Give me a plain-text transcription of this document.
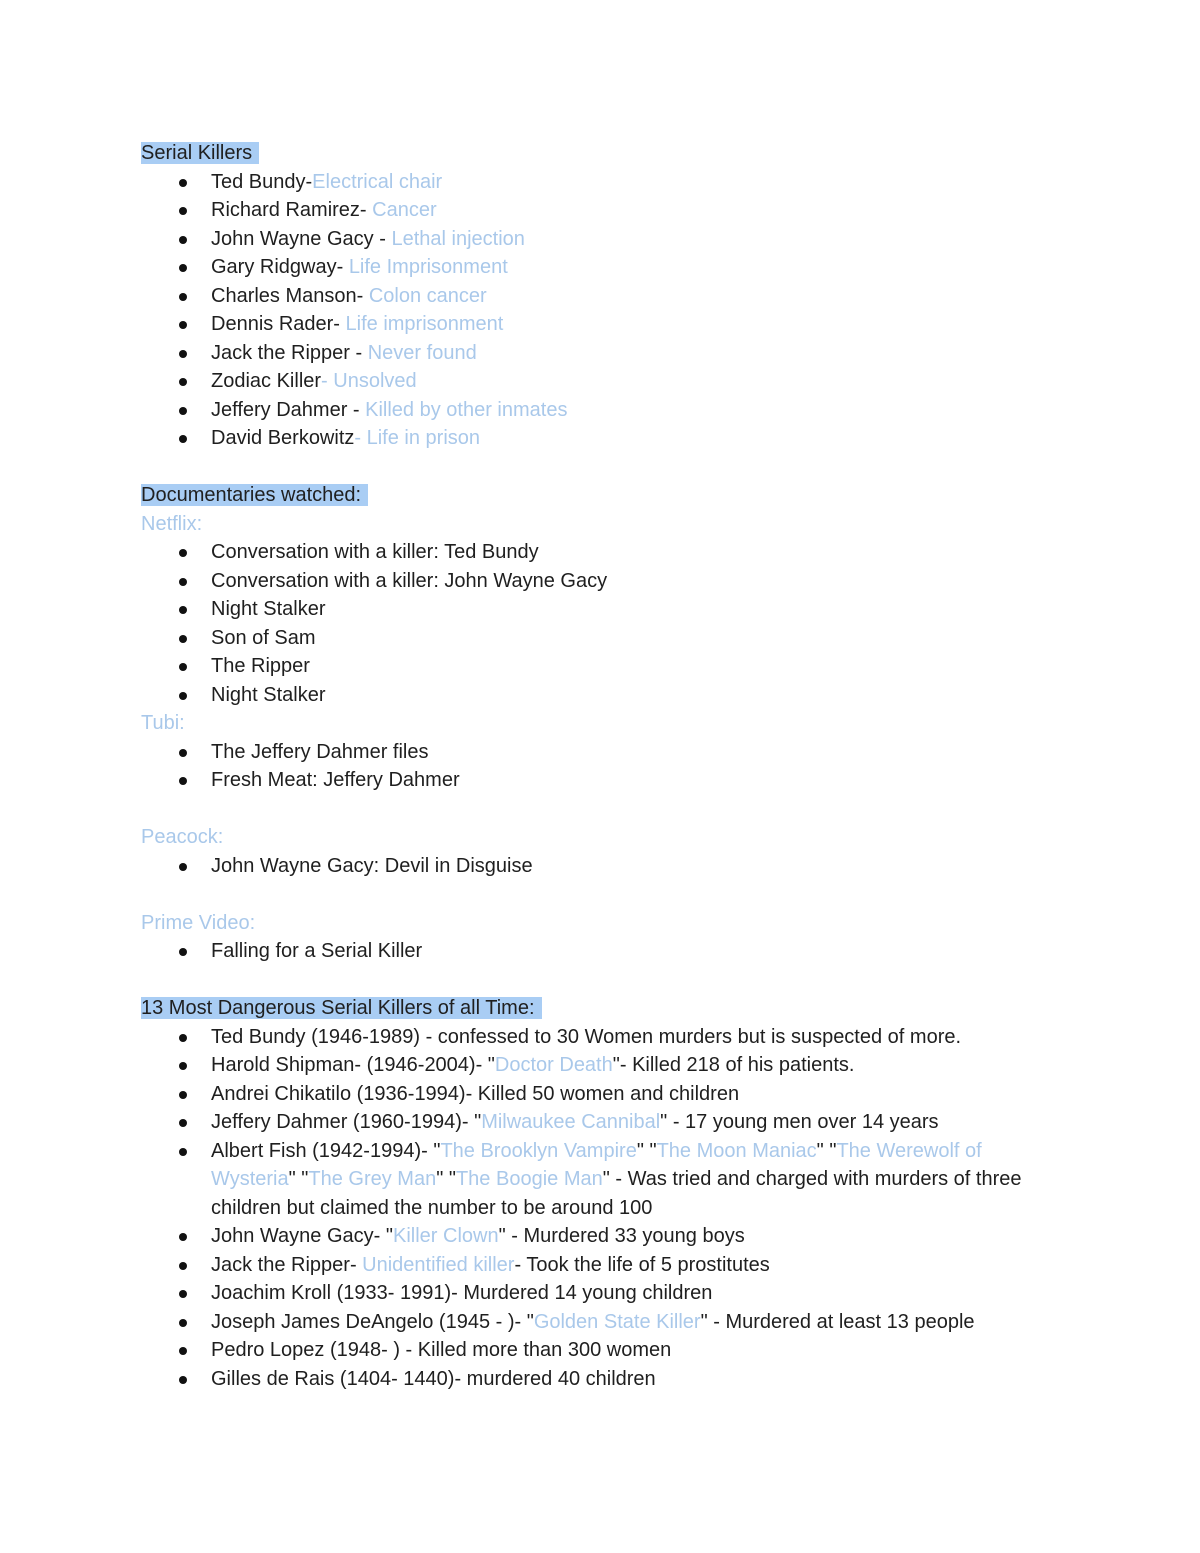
Serial Killers
Ted Bundy-Electrical chair
Richard Ramirez- Cancer
John Wayne Gacy - Lethal injection
Gary Ridgway- Life Imprisonment
Charles Manson- Colon cancer
Dennis Rader- Life imprisonment
Jack the Ripper - Never found
Zodiac Killer- Unsolved
Jeffery Dahmer - Killed by other inmates
David Berkowitz- Life in prison
Documentaries watched:
Netflix:
Conversation with a killer: Ted Bundy
Conversation with a killer: John Wayne Gacy
Night Stalker
Son of Sam
The Ripper
Night Stalker
Tubi:
The Jeffery Dahmer files
Fresh Meat: Jeffery Dahmer
Peacock:
John Wayne Gacy: Devil in Disguise
Prime Video:
Falling for a Serial Killer
13 Most Dangerous Serial Killers of all Time:
Ted Bundy (1946-1989) - confessed to 30 Women murders but is suspected of more.
Harold Shipman- (1946-2004)- "Doctor Death"- Killed 218 of his patients.
Andrei Chikatilo (1936-1994)- Killed 50 women and children
Jeffery Dahmer (1960-1994)- "Milwaukee Cannibal" - 17 young men over 14 years
Albert Fish (1942-1994)- "The Brooklyn Vampire" "The Moon Maniac" "The Werewolf of Wysteria" "The Grey Man" "The Boogie Man" - Was tried and charged with murders of three children but claimed the number to be around 100
John Wayne Gacy- "Killer Clown" - Murdered 33 young boys
Jack the Ripper- Unidentified killer- Took the life of 5 prostitutes
Joachim Kroll (1933- 1991)- Murdered 14 young children
Joseph James DeAngelo (1945 - )- "Golden State Killer" - Murdered at least 13 people
Pedro Lopez (1948- ) - Killed more than 300 women
Gilles de Rais (1404- 1440)- murdered 40 children
